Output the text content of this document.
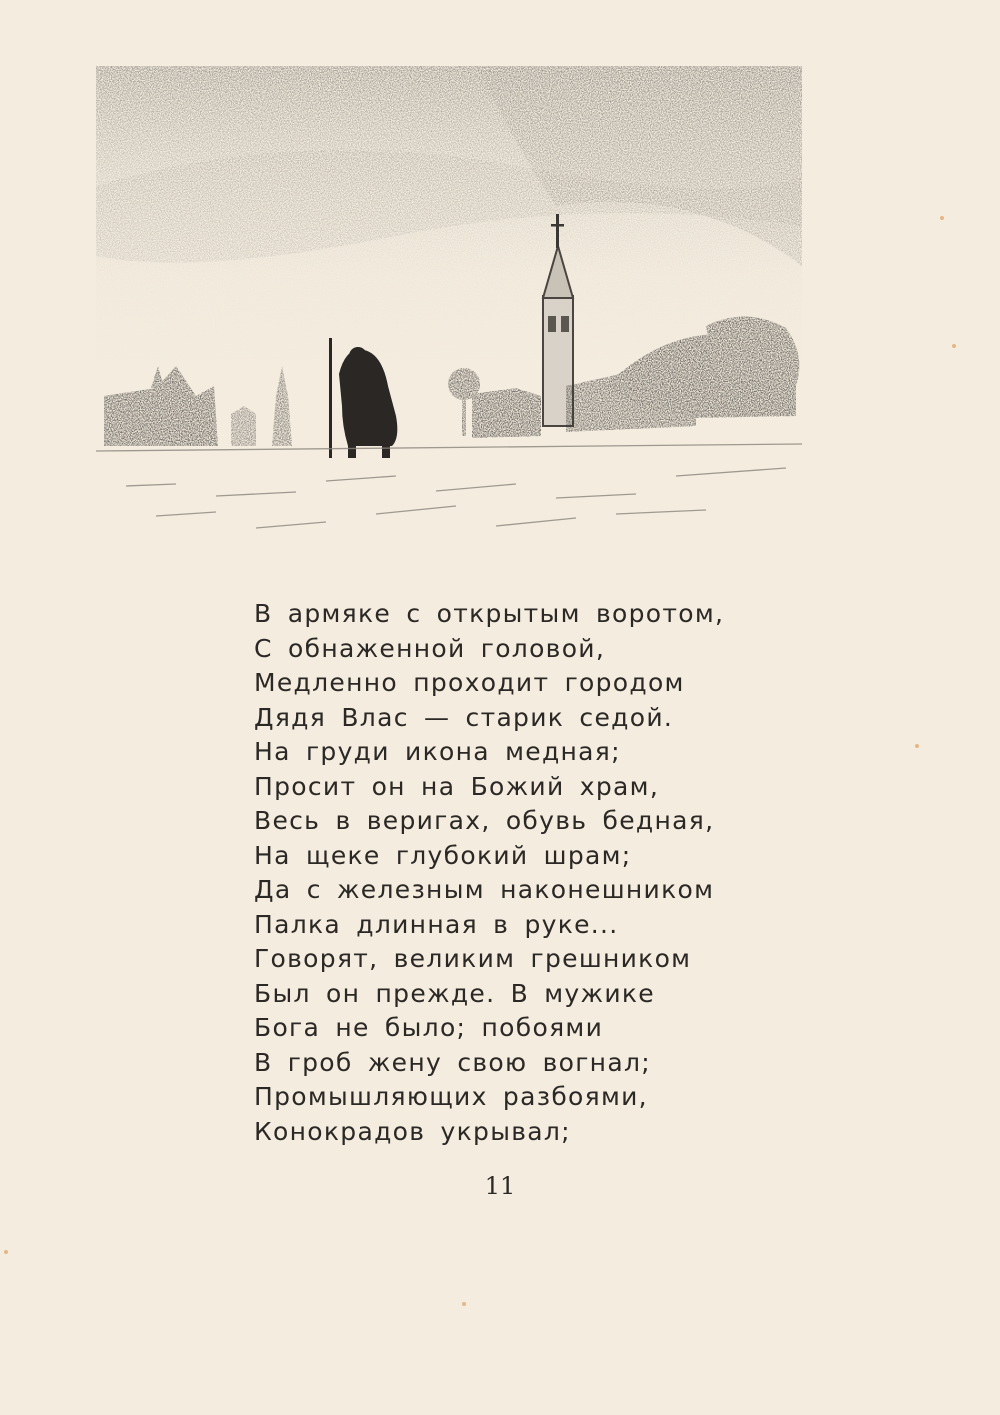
В армяке с открытым воротом,
С обнаженной головой,
Медленно проходит городом
Дядя Влас — старик седой.
На груди икона медная;
Просит он на Божий храм,
Весь в веригах, обувь бедная,
На щеке глубокий шрам;
Да с железным наконешником
Палка длинная в руке...
Говорят, великим грешником
Был он прежде. В мужике
Бога не было; побоями
В гроб жену свою вогнал;
Промышляющих разбоями,
Конокрадов укрывал;
11
